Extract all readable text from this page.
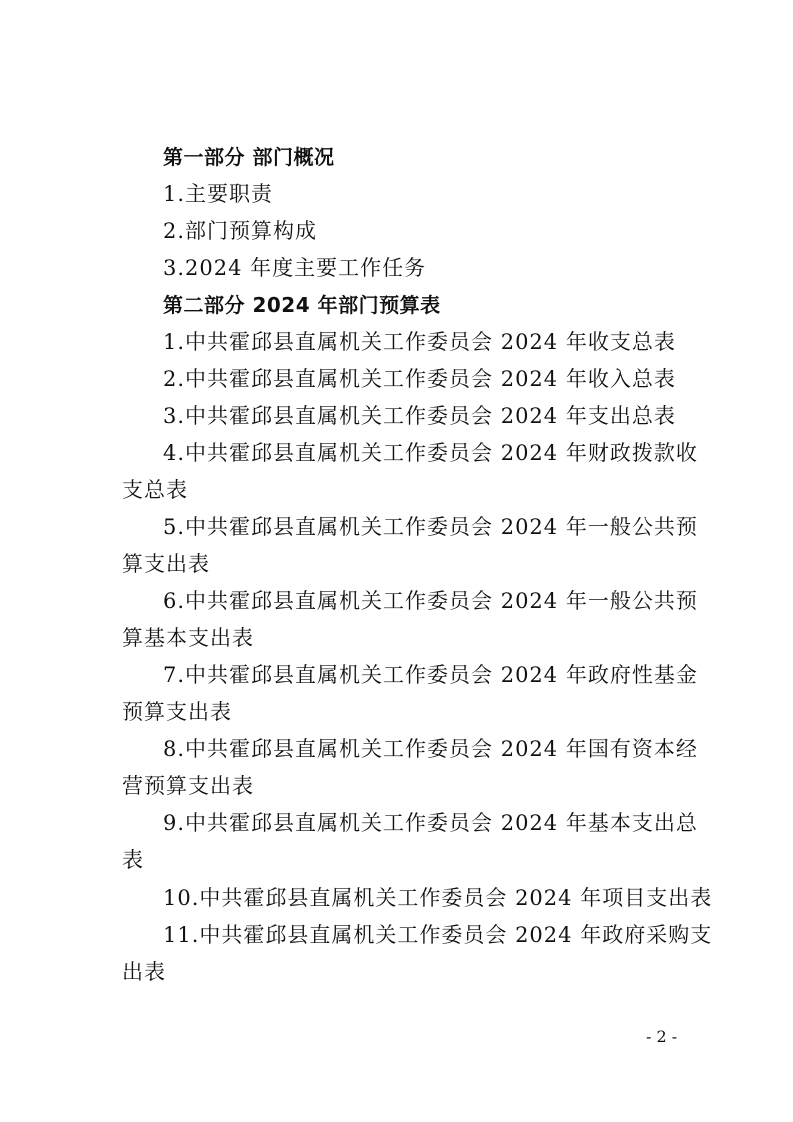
第一部分 部门概况
1.主要职责
2.部门预算构成
3.2024 年度主要工作任务
第二部分 2024 年部门预算表
1.中共霍邱县直属机关工作委员会 2024 年收支总表
2.中共霍邱县直属机关工作委员会 2024 年收入总表
3.中共霍邱县直属机关工作委员会 2024 年支出总表
4.中共霍邱县直属机关工作委员会 2024 年财政拨款收
支总表
5.中共霍邱县直属机关工作委员会 2024 年一般公共预
算支出表
6.中共霍邱县直属机关工作委员会 2024 年一般公共预
算基本支出表
7.中共霍邱县直属机关工作委员会 2024 年政府性基金
预算支出表
8.中共霍邱县直属机关工作委员会 2024 年国有资本经
营预算支出表
9.中共霍邱县直属机关工作委员会 2024 年基本支出总
表
10.中共霍邱县直属机关工作委员会 2024 年项目支出表
11.中共霍邱县直属机关工作委员会 2024 年政府采购支
出表
- 2 -
